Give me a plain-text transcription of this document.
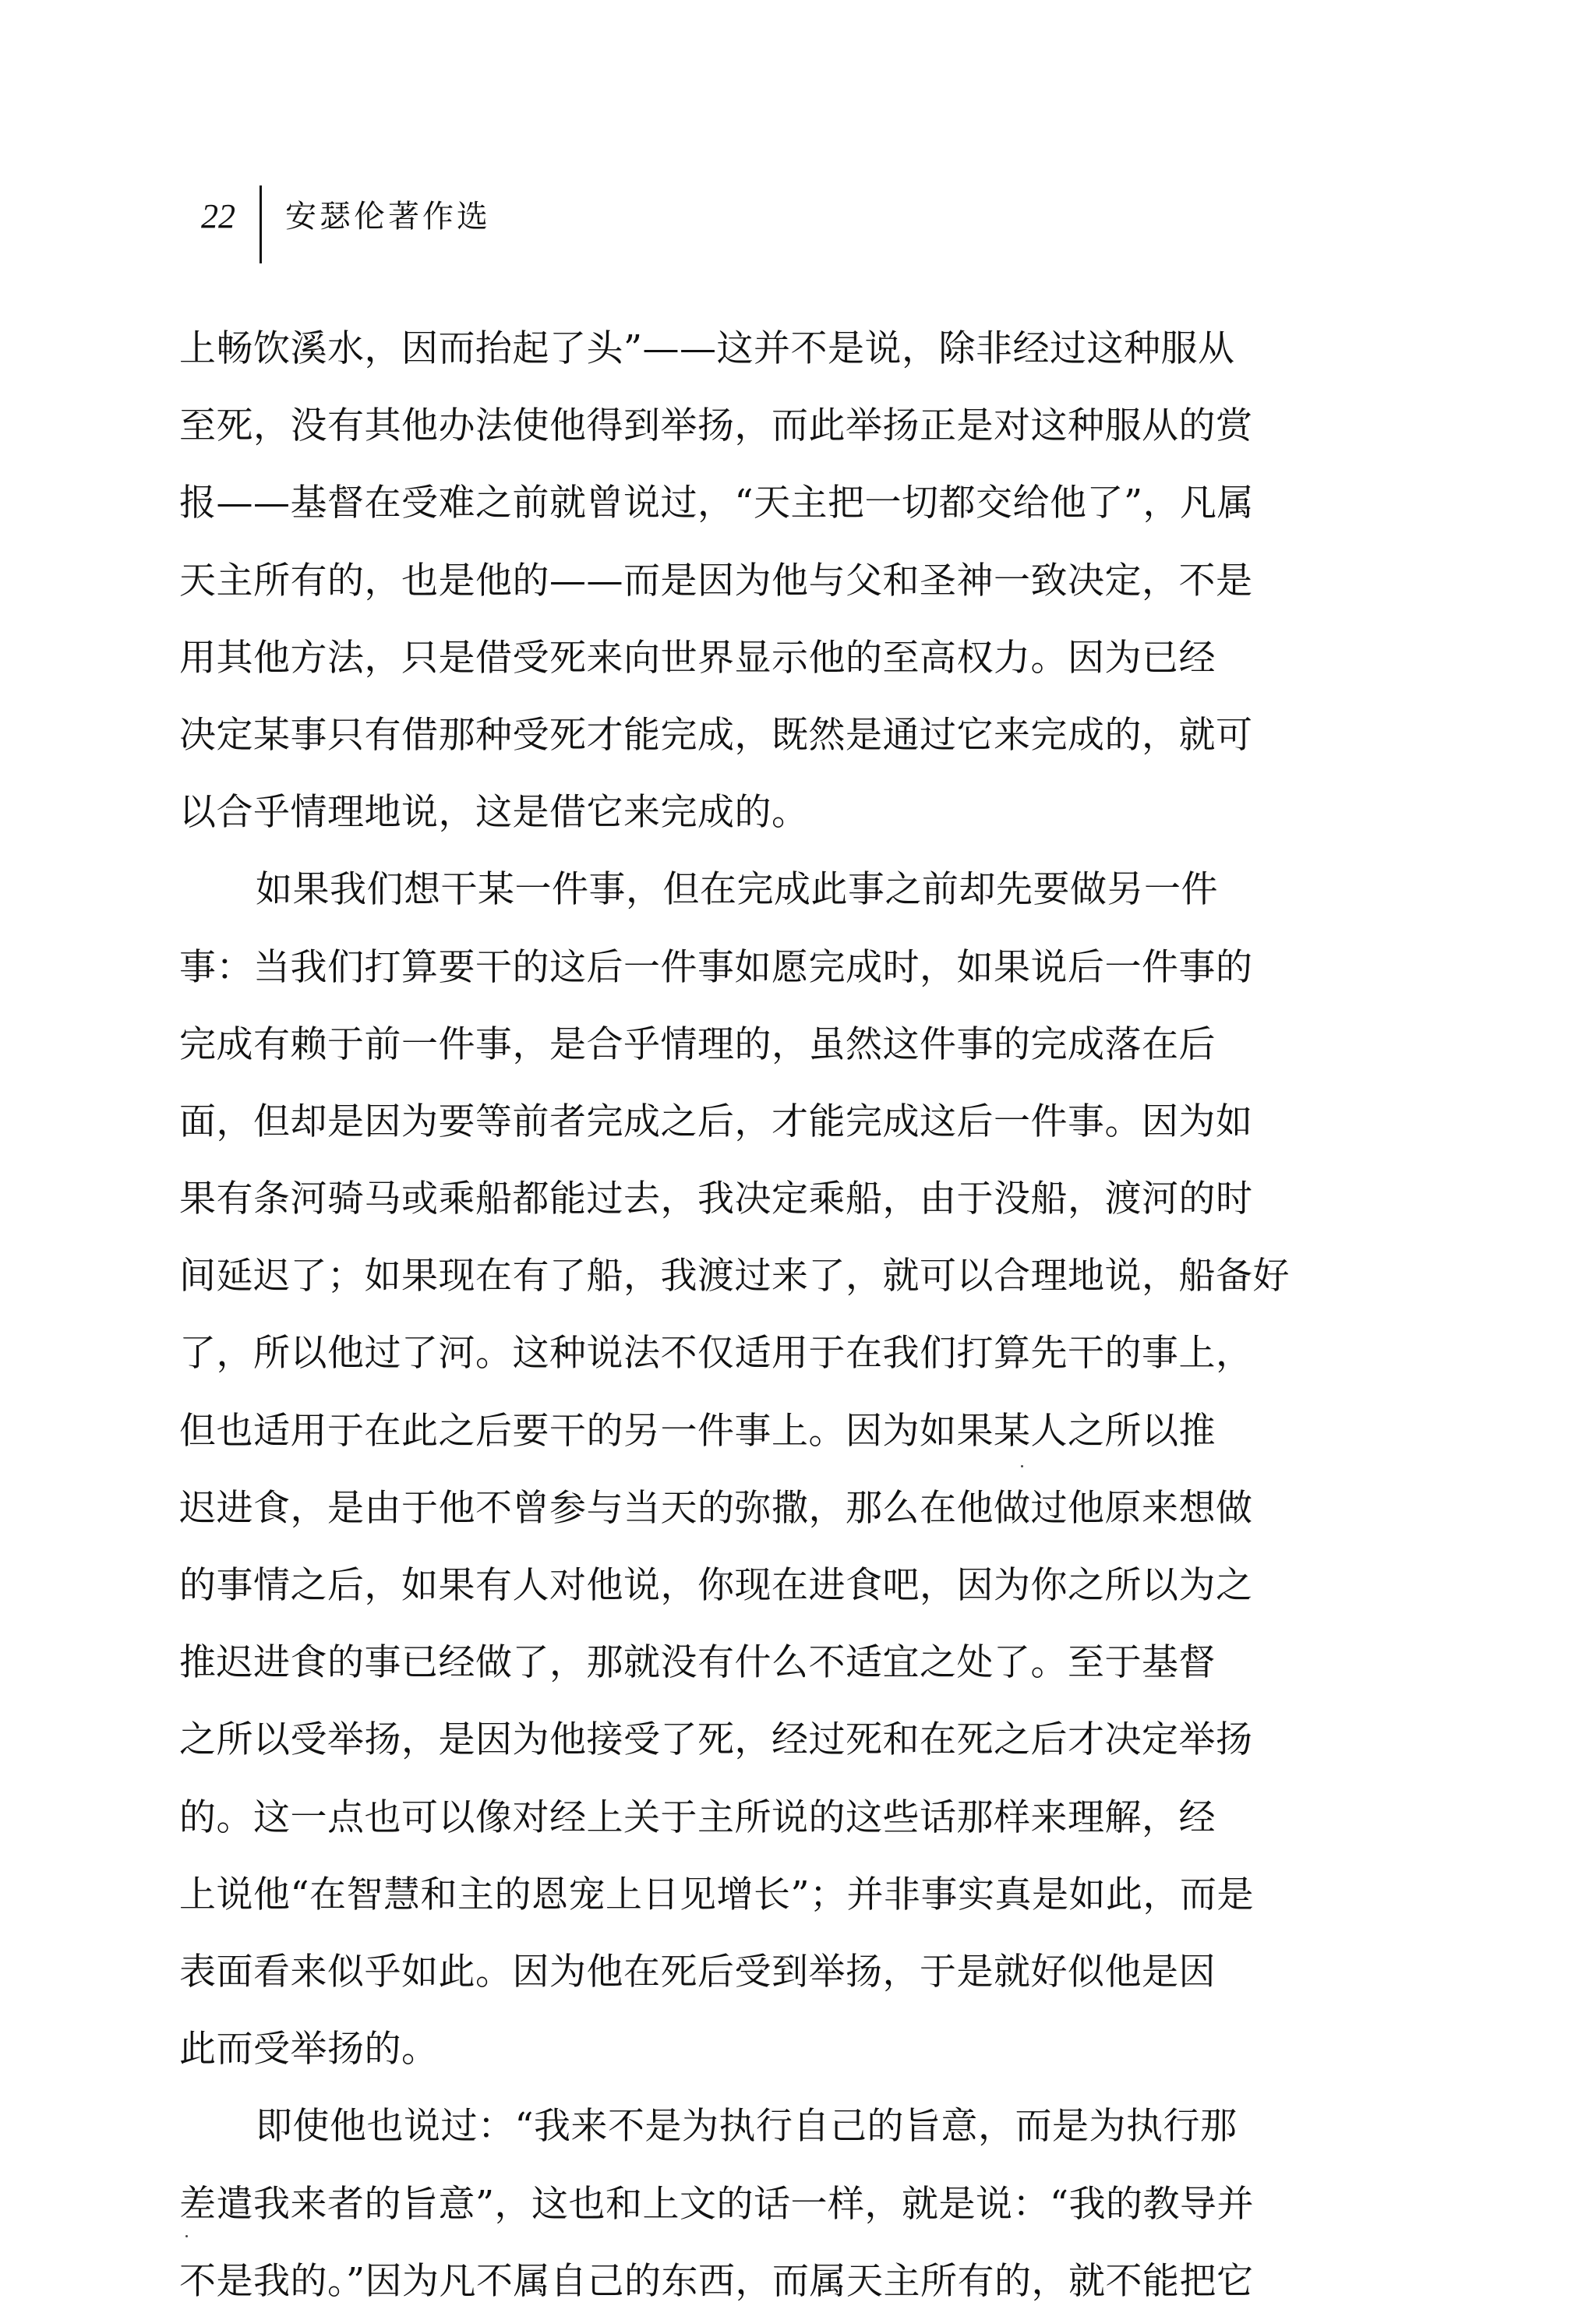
22 安瑟伦著作选
上畅饮溪水，因而抬起了头”——这并不是说，除非经过这种服从
至死，没有其他办法使他得到举扬，而此举扬正是对这种服从的赏
报——基督在受难之前就曾说过，“天主把一切都交给他了”，凡属
天主所有的，也是他的——而是因为他与父和圣神一致决定，不是
用其他方法，只是借受死来向世界显示他的至高权力。因为已经
决定某事只有借那种受死才能完成，既然是通过它来完成的，就可
以合乎情理地说，这是借它来完成的。
如果我们想干某一件事，但在完成此事之前却先要做另一件
事：当我们打算要干的这后一件事如愿完成时，如果说后一件事的
完成有赖于前一件事，是合乎情理的，虽然这件事的完成落在后
面，但却是因为要等前者完成之后，才能完成这后一件事。因为如
果有条河骑马或乘船都能过去，我决定乘船，由于没船，渡河的时
间延迟了；如果现在有了船，我渡过来了，就可以合理地说，船备好
了，所以他过了河。这种说法不仅适用于在我们打算先干的事上，
但也适用于在此之后要干的另一件事上。因为如果某人之所以推
迟进食，是由于他不曾参与当天的弥撒，那么在他做过他原来想做
的事情之后，如果有人对他说，你现在进食吧，因为你之所以为之
推迟进食的事已经做了，那就没有什么不适宜之处了。至于基督
之所以受举扬，是因为他接受了死，经过死和在死之后才决定举扬
的。这一点也可以像对经上关于主所说的这些话那样来理解，经
上说他“在智慧和主的恩宠上日见增长”；并非事实真是如此，而是
表面看来似乎如此。因为他在死后受到举扬，于是就好似他是因
此而受举扬的。
即使他也说过：“我来不是为执行自己的旨意，而是为执行那
差遣我来者的旨意”，这也和上文的话一样，就是说：“我的教导并
不是我的。”因为凡不属自己的东西，而属天主所有的，就不能把它
